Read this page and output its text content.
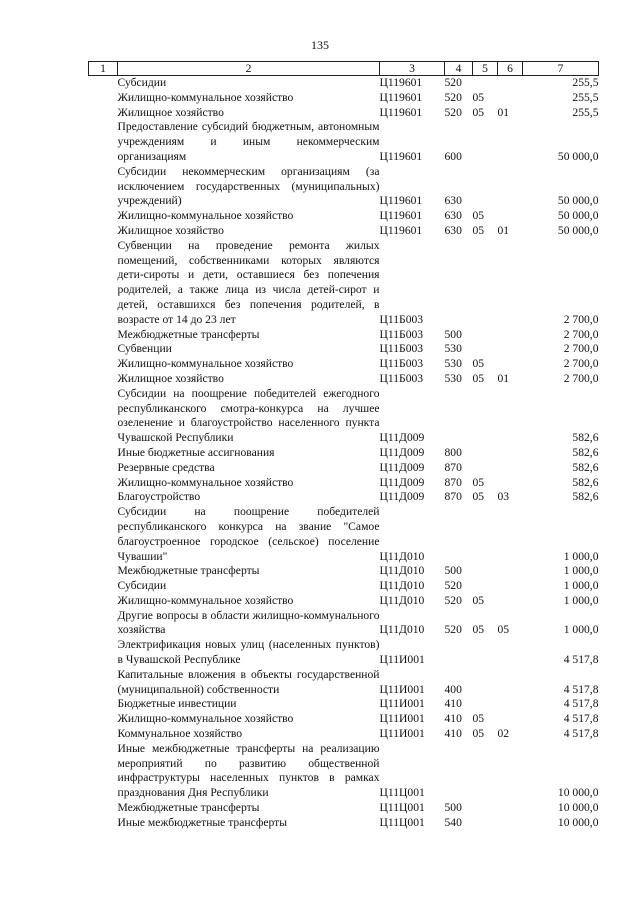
135
1	2	3	4	5	6	7
	Субсидии	Ц119601	520			255,5
	Жилищно-коммунальное хозяйство	Ц119601	520	05		255,5
	Жилищное хозяйство	Ц119601	520	05	01	255,5
	Предоставление субсидий бюджетным, автономным учреждениям и иным некоммерческим организациям	Ц119601	600			50 000,0
	Субсидии некоммерческим организациям (за исключением государственных (муниципальных) учреждений)	Ц119601	630			50 000,0
	Жилищно-коммунальное хозяйство	Ц119601	630	05		50 000,0
	Жилищное хозяйство	Ц119601	630	05	01	50 000,0
	Субвенции на проведение ремонта жилых помещений, собственниками которых являются дети-сироты и дети, оставшиеся без попечения родителей, а также лица из числа детей-сирот и детей, оставшихся без попечения родителей, в возрасте от 14 до 23 лет	Ц11Б003				2 700,0
	Межбюджетные трансферты	Ц11Б003	500			2 700,0
	Субвенции	Ц11Б003	530			2 700,0
	Жилищно-коммунальное хозяйство	Ц11Б003	530	05		2 700,0
	Жилищное хозяйство	Ц11Б003	530	05	01	2 700,0
	Субсидии на поощрение победителей ежегодного республиканского смотра-конкурса на лучшее озеленение и благоустройство населенного пункта Чувашской Республики	Ц11Д009				582,6
	Иные бюджетные ассигнования	Ц11Д009	800			582,6
	Резервные средства	Ц11Д009	870			582,6
	Жилищно-коммунальное хозяйство	Ц11Д009	870	05		582,6
	Благоустройство	Ц11Д009	870	05	03	582,6
	Субсидии на поощрение победителей республиканского конкурса на звание "Самое благоустроенное городское (сельское) поселение Чувашии"	Ц11Д010				1 000,0
	Межбюджетные трансферты	Ц11Д010	500			1 000,0
	Субсидии	Ц11Д010	520			1 000,0
	Жилищно-коммунальное хозяйство	Ц11Д010	520	05		1 000,0
	Другие вопросы в области жилищно-коммунального хозяйства	Ц11Д010	520	05	05	1 000,0
	Электрификация новых улиц (населенных пунктов) в Чувашской Республике	Ц11И001				4 517,8
	Капитальные вложения в объекты государственной (муниципальной) собственности	Ц11И001	400			4 517,8
	Бюджетные инвестиции	Ц11И001	410			4 517,8
	Жилищно-коммунальное хозяйство	Ц11И001	410	05		4 517,8
	Коммунальное хозяйство	Ц11И001	410	05	02	4 517,8
	Иные межбюджетные трансферты на реализацию мероприятий по развитию общественной инфраструктуры населенных пунктов в рамках празднования Дня Республики	Ц11Ц001				10 000,0
	Межбюджетные трансферты	Ц11Ц001	500			10 000,0
	Иные межбюджетные трансферты	Ц11Ц001	540			10 000,0
